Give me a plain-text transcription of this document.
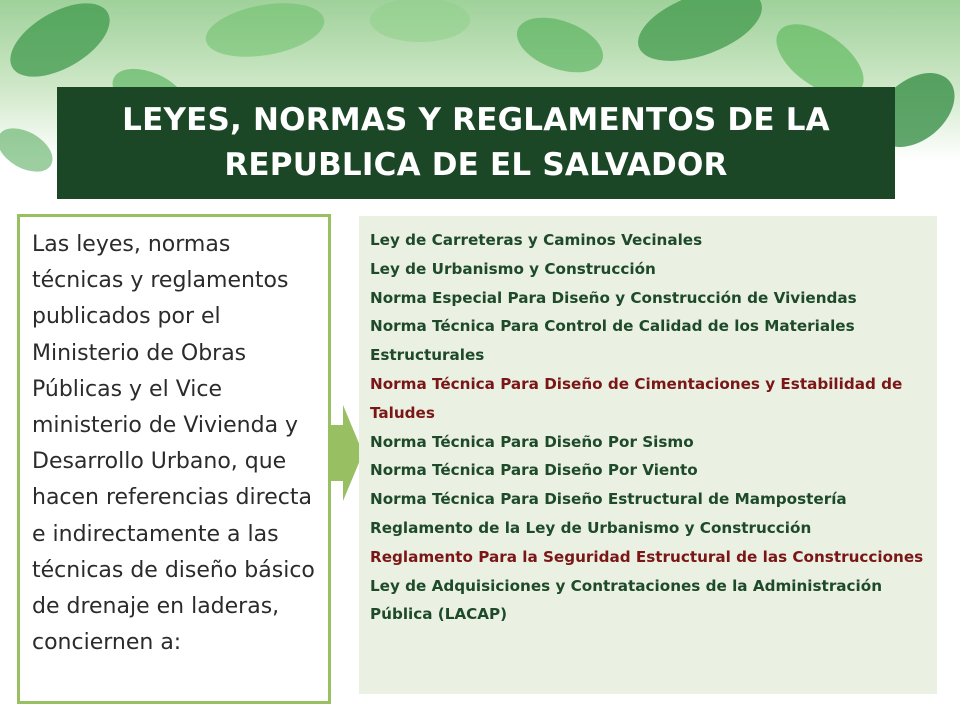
LEYES, NORMAS Y REGLAMENTOS DE LA REPUBLICA DE EL SALVADOR
Las leyes, normas técnicas y reglamentos publicados por el Ministerio de Obras Públicas y el Vice ministerio de Vivienda y Desarrollo Urbano, que hacen referencias directa e indirectamente a las técnicas de diseño básico de drenaje en laderas, conciernen a:
Ley de Carreteras y Caminos Vecinales
Ley de Urbanismo y Construcción
Norma Especial Para Diseño y Construcción de Viviendas
Norma Técnica Para Control de Calidad de los Materiales Estructurales
Norma Técnica Para Diseño de Cimentaciones y Estabilidad de Taludes
Norma Técnica Para Diseño Por Sismo
Norma Técnica Para Diseño Por Viento
Norma Técnica Para Diseño Estructural de Mampostería
Reglamento de la Ley de Urbanismo y Construcción
Reglamento Para la Seguridad Estructural de las Construcciones
Ley de Adquisiciones y Contrataciones de la Administración Pública (LACAP)
